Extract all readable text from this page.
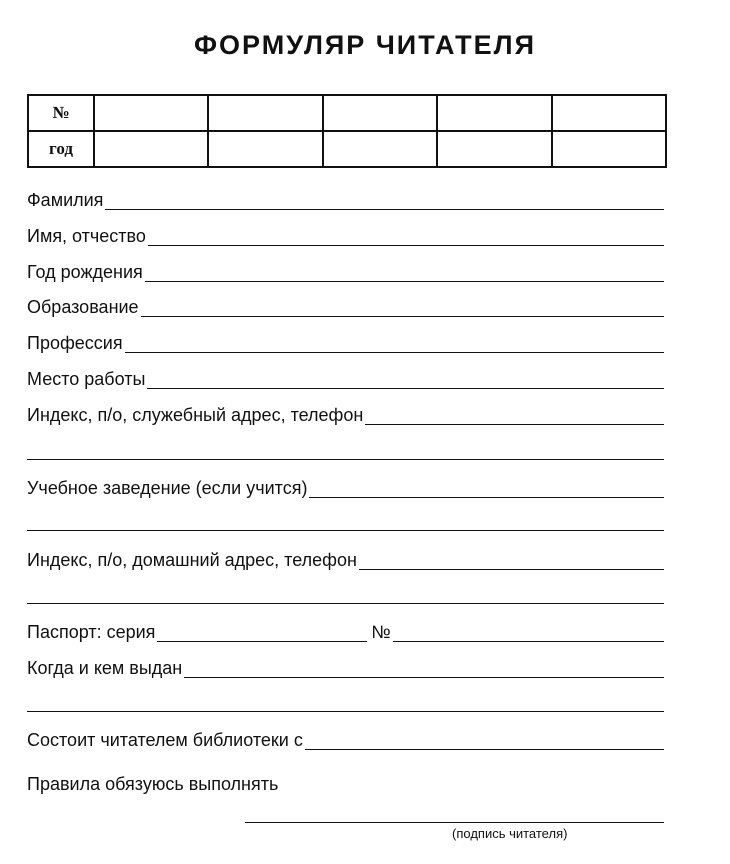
ФОРМУЛЯР ЧИТАТЕЛЯ
№					
год					
Фамилия
Имя, отчество
Год рождения
Образование
Профессия
Место работы
Индекс, п/о, служебный адрес, телефон
Учебное заведение (если учится)
Индекс, п/о, домашний адрес, телефон
Паспорт: серия	№
Когда и кем выдан
Состоит читателем библиотеки с
Правила обязуюсь выполнять
(подпись читателя)
